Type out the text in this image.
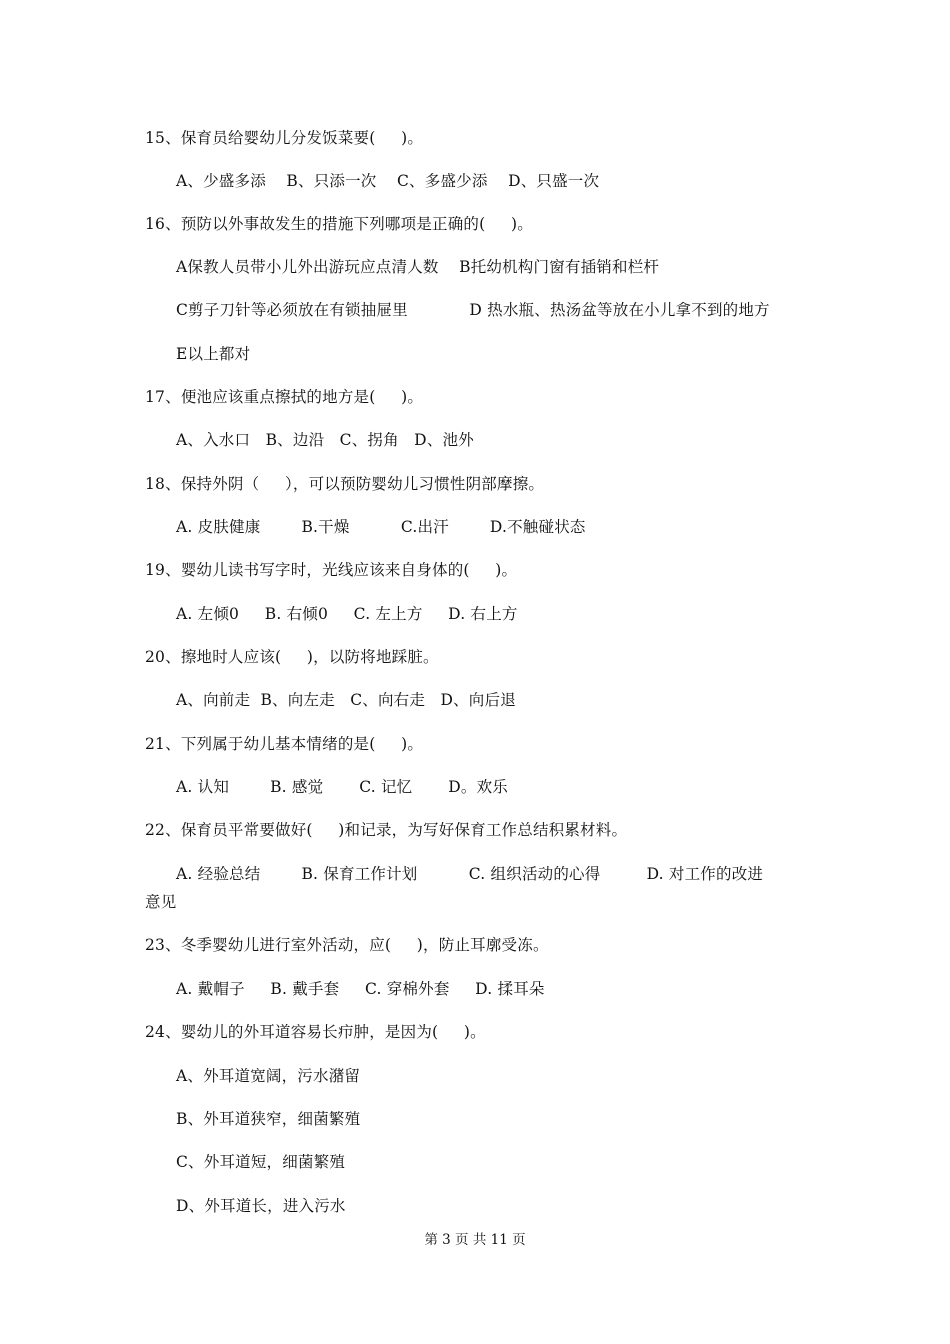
15、保育员给婴幼儿分发饭菜要(     )。
A、少盛多添    B、只添一次    C、多盛少添    D、只盛一次
16、预防以外事故发生的措施下列哪项是正确的(     )。
A保教人员带小儿外出游玩应点清人数    B托幼机构门窗有插销和栏杆
C剪子刀针等必须放在有锁抽屉里            D 热水瓶、热汤盆等放在小儿拿不到的地方
E以上都对
17、便池应该重点擦拭的地方是(     )。
A、入水口   B、边沿   C、拐角   D、池外
18、保持外阴（     ），可以预防婴幼儿习惯性阴部摩擦。
A. 皮肤健康        B.干燥          C.出汗        D.不触碰状态
19、婴幼儿读书写字时，光线应该来自身体的(     )。
A. 左倾0     B. 右倾0     C. 左上方     D. 右上方
20、擦地时人应该(     )，以防将地踩脏。
A、向前走  B、向左走   C、向右走   D、向后退
21、下列属于幼儿基本情绪的是(     )。
A. 认知        B. 感觉       C. 记忆       D。欢乐
22、保育员平常要做好(     )和记录，为写好保育工作总结积累材料。
A. 经验总结        B. 保育工作计划          C. 组织活动的心得         D. 对工作的改进
意见
23、冬季婴幼儿进行室外活动，应(     )，防止耳廓受冻。
A. 戴帽子     B. 戴手套     C. 穿棉外套     D. 揉耳朵
24、婴幼儿的外耳道容易长疖肿，是因为(     )。
A、外耳道宽阔，污水潴留
B、外耳道狭窄，细菌繁殖
C、外耳道短，细菌繁殖
D、外耳道长，进入污水
第 3 页 共 11 页
